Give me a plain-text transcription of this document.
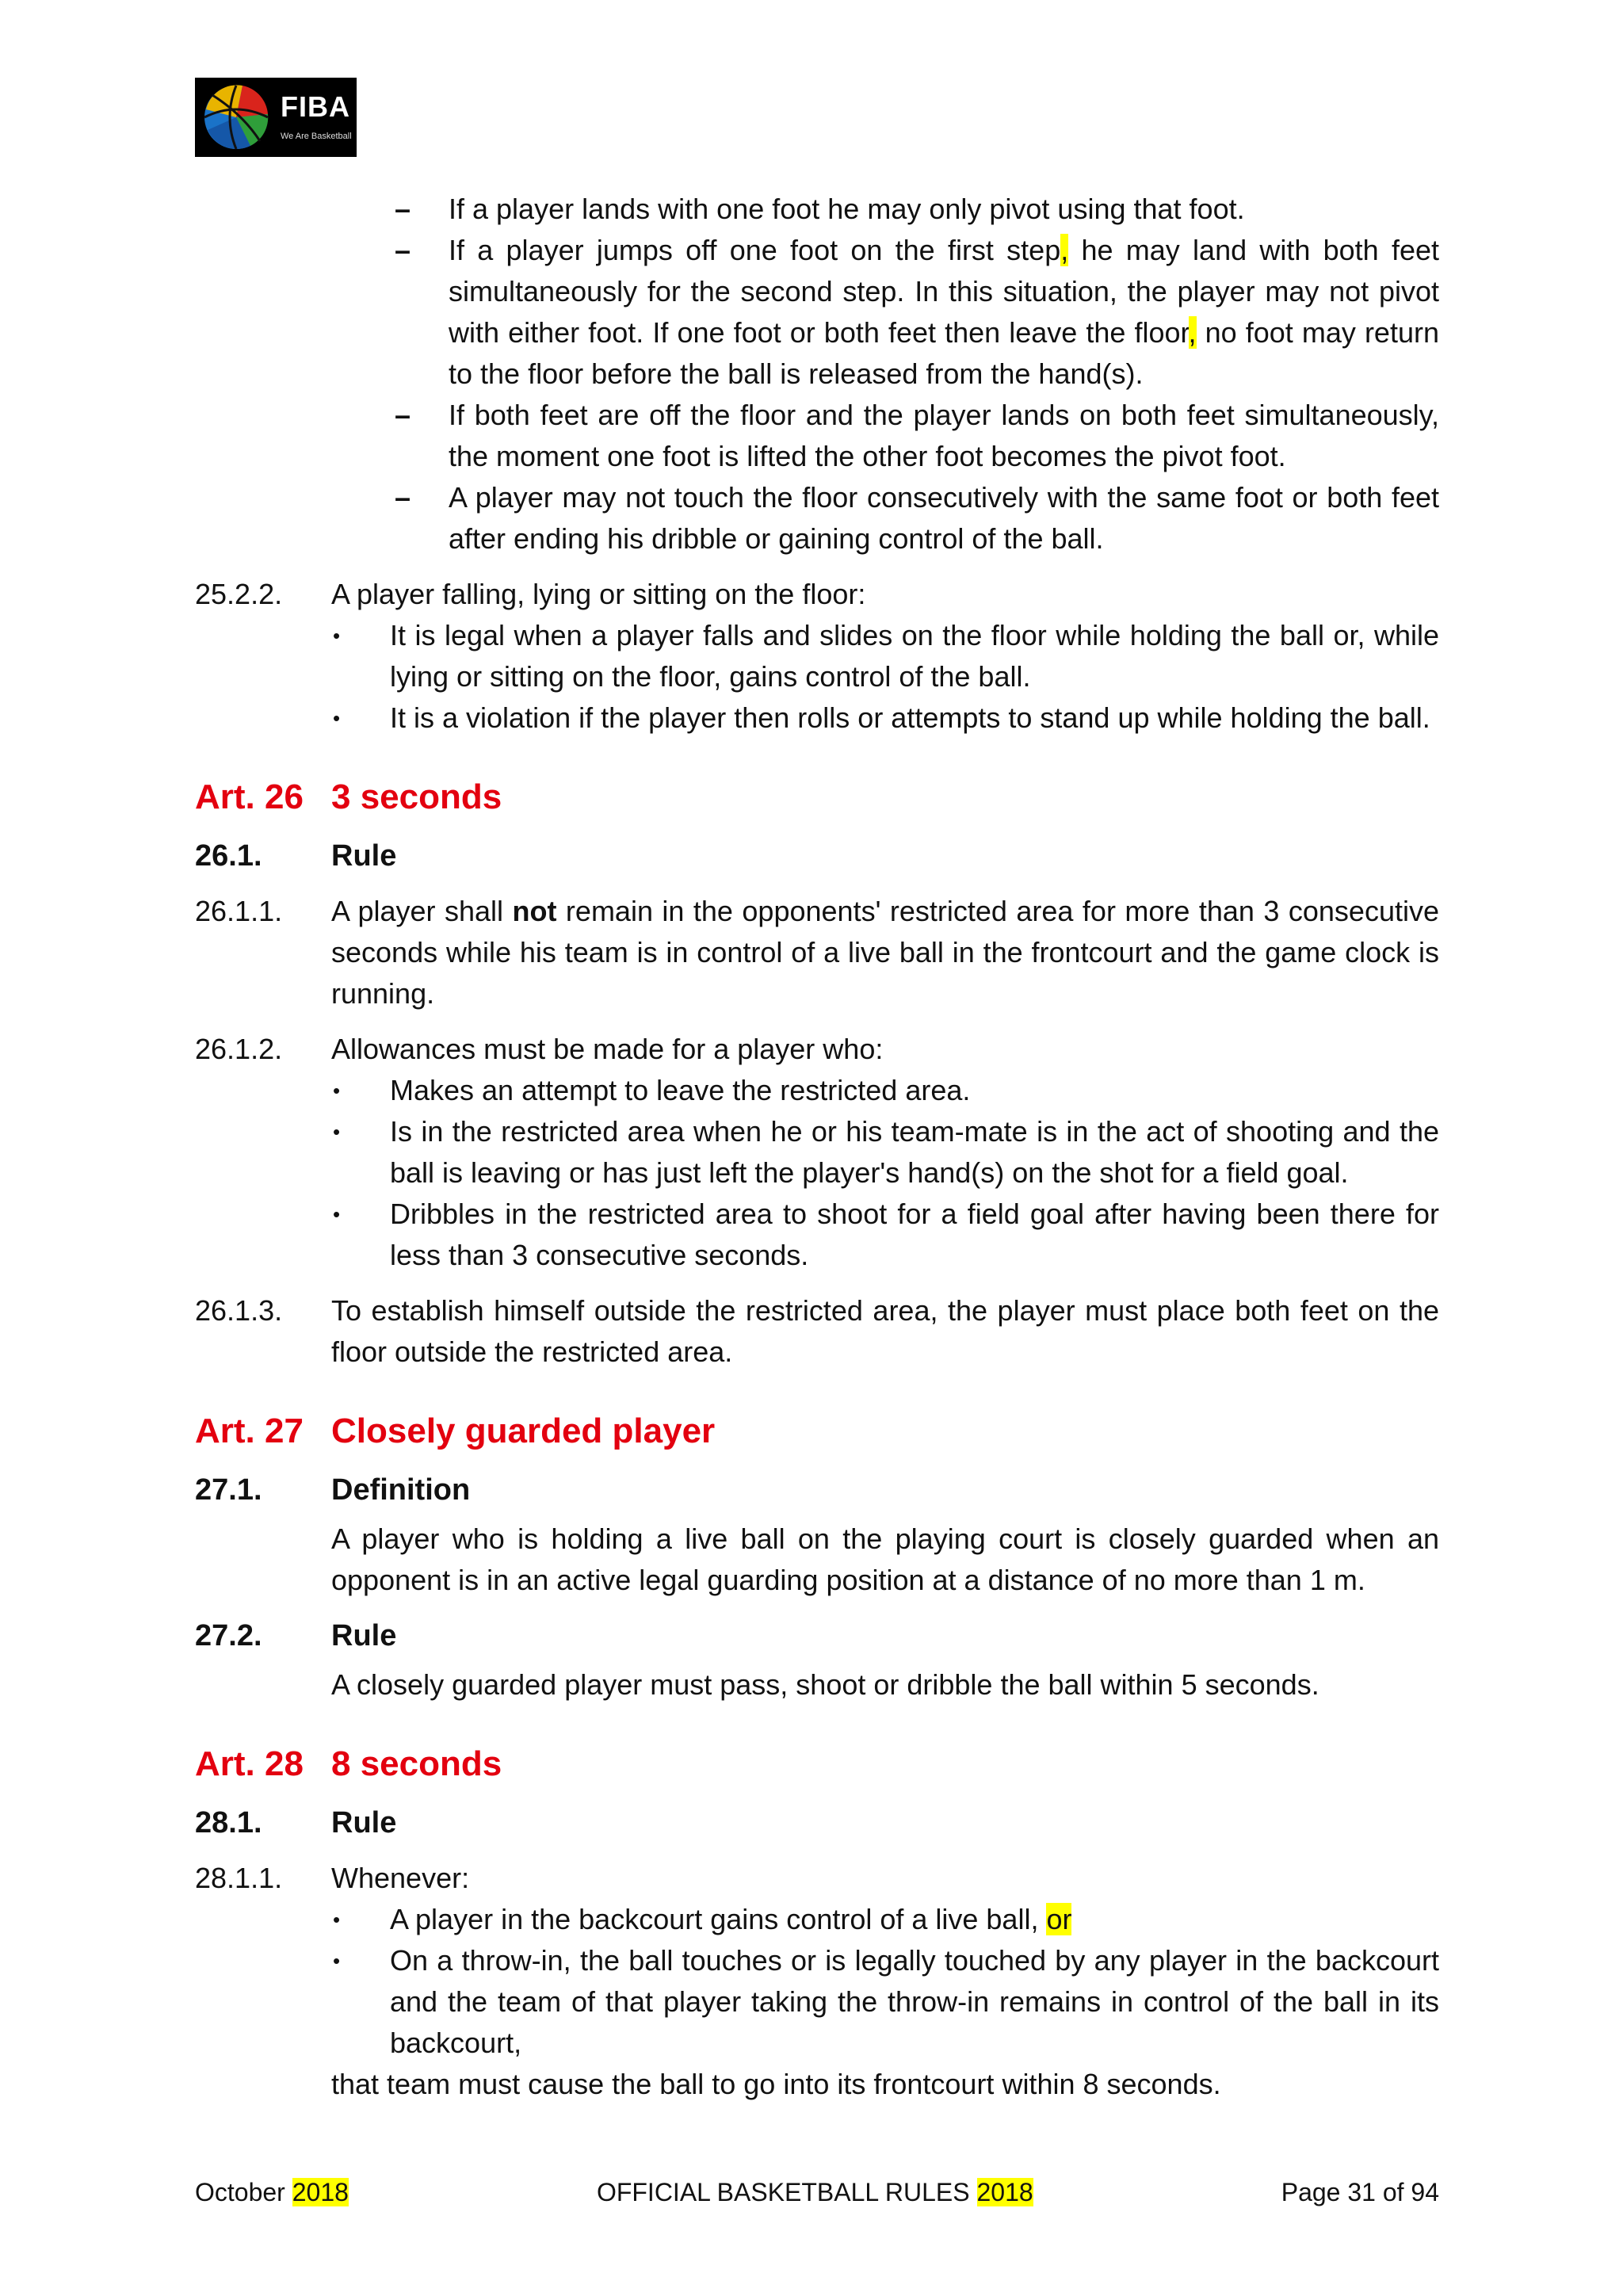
FIBA
We Are Basketball
– If a player lands with one foot he may only pivot using that foot.
– If a player jumps off one foot on the first step, he may land with both feet simultaneously for the second step. In this situation, the player may not pivot with either foot. If one foot or both feet then leave the floor, no foot may return to the floor before the ball is released from the hand(s).
– If both feet are off the floor and the player lands on both feet simultaneously, the moment one foot is lifted the other foot becomes the pivot foot.
– A player may not touch the floor consecutively with the same foot or both feet after ending his dribble or gaining control of the ball.

25.2.2. A player falling, lying or sitting on the floor:

• It is legal when a player falls and slides on the floor while holding the ball or, while lying or sitting on the floor, gains control of the ball.
• It is a violation if the player then rolls or attempts to stand up while holding the ball.
Art. 26 3 seconds
26.1. Rule

26.1.1. A player shall not remain in the opponents' restricted area for more than 3 consecutive seconds while his team is in control of a live ball in the frontcourt and the game clock is running.

26.1.2. Allowances must be made for a player who:

• Makes an attempt to leave the restricted area.
• Is in the restricted area when he or his team-mate is in the act of shooting and the ball is leaving or has just left the player's hand(s) on the shot for a field goal.
• Dribbles in the restricted area to shoot for a field goal after having been there for less than 3 consecutive seconds.

26.1.3. To establish himself outside the restricted area, the player must place both feet on the floor outside the restricted area.

Art. 27 Closely guarded player
27.1. Definition

A player who is holding a live ball on the playing court is closely guarded when an opponent is in an active legal guarding position at a distance of no more than 1 m.

27.2. Rule

A closely guarded player must pass, shoot or dribble the ball within 5 seconds.

Art. 28 8 seconds
28.1. Rule

28.1.1. Whenever:

• A player in the backcourt gains control of a live ball, or
• On a throw-in, the ball touches or is legally touched by any player in the backcourt and the team of that player taking the throw-in remains in control of the ball in its backcourt,

that team must cause the ball to go into its frontcourt within 8 seconds.

October 2018	OFFICIAL BASKETBALL RULES 2018	Page 31 of 94
